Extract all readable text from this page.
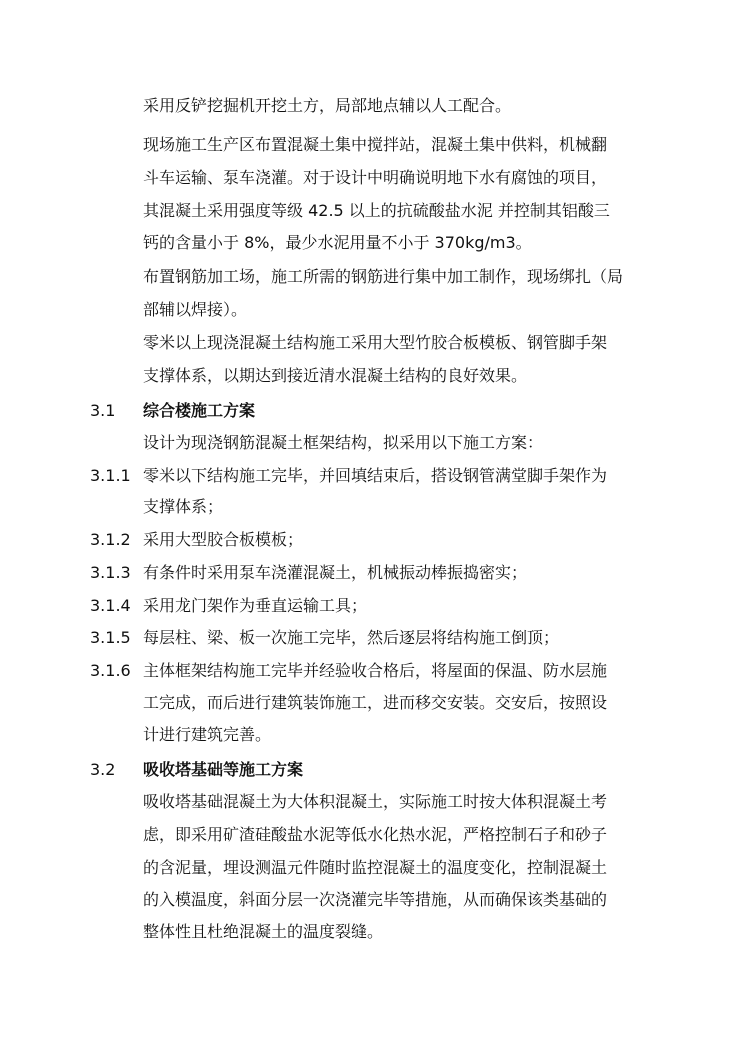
采用反铲挖掘机开挖土方，局部地点辅以人工配合。
现场施工生产区布置混凝土集中搅拌站，混凝土集中供料，机械翻
斗车运输、泵车浇灌。对于设计中明确说明地下水有腐蚀的项目，
其混凝土采用强度等级 42.5 以上的抗硫酸盐水泥 并控制其铝酸三
钙的含量小于 8%，最少水泥用量不小于 370kg/m3。
布置钢筋加工场，施工所需的钢筋进行集中加工制作，现场绑扎（局
部辅以焊接）。
零米以上现浇混凝土结构施工采用大型竹胶合板模板、钢管脚手架
支撑体系，以期达到接近清水混凝土结构的良好效果。
3.1	综合楼施工方案
设计为现浇钢筋混凝土框架结构，拟采用以下施工方案：
3.1.1 零米以下结构施工完毕，并回填结束后，搭设钢管满堂脚手架作为
支撑体系；
3.1.2 采用大型胶合板模板；
3.1.3 有条件时采用泵车浇灌混凝土，机械振动棒振捣密实；
3.1.4 采用龙门架作为垂直运输工具；
3.1.5 每层柱、梁、板一次施工完毕，然后逐层将结构施工倒顶；
3.1.6 主体框架结构施工完毕并经验收合格后，将屋面的保温、防水层施
工完成，而后进行建筑装饰施工，进而移交安装。交安后，按照设
计进行建筑完善。
3.2	吸收塔基础等施工方案
吸收塔基础混凝土为大体积混凝土，实际施工时按大体积混凝土考
虑，即采用矿渣硅酸盐水泥等低水化热水泥，严格控制石子和砂子
的含泥量，埋设测温元件随时监控混凝土的温度变化，控制混凝土
的入模温度，斜面分层一次浇灌完毕等措施，从而确保该类基础的
整体性且杜绝混凝土的温度裂缝。
